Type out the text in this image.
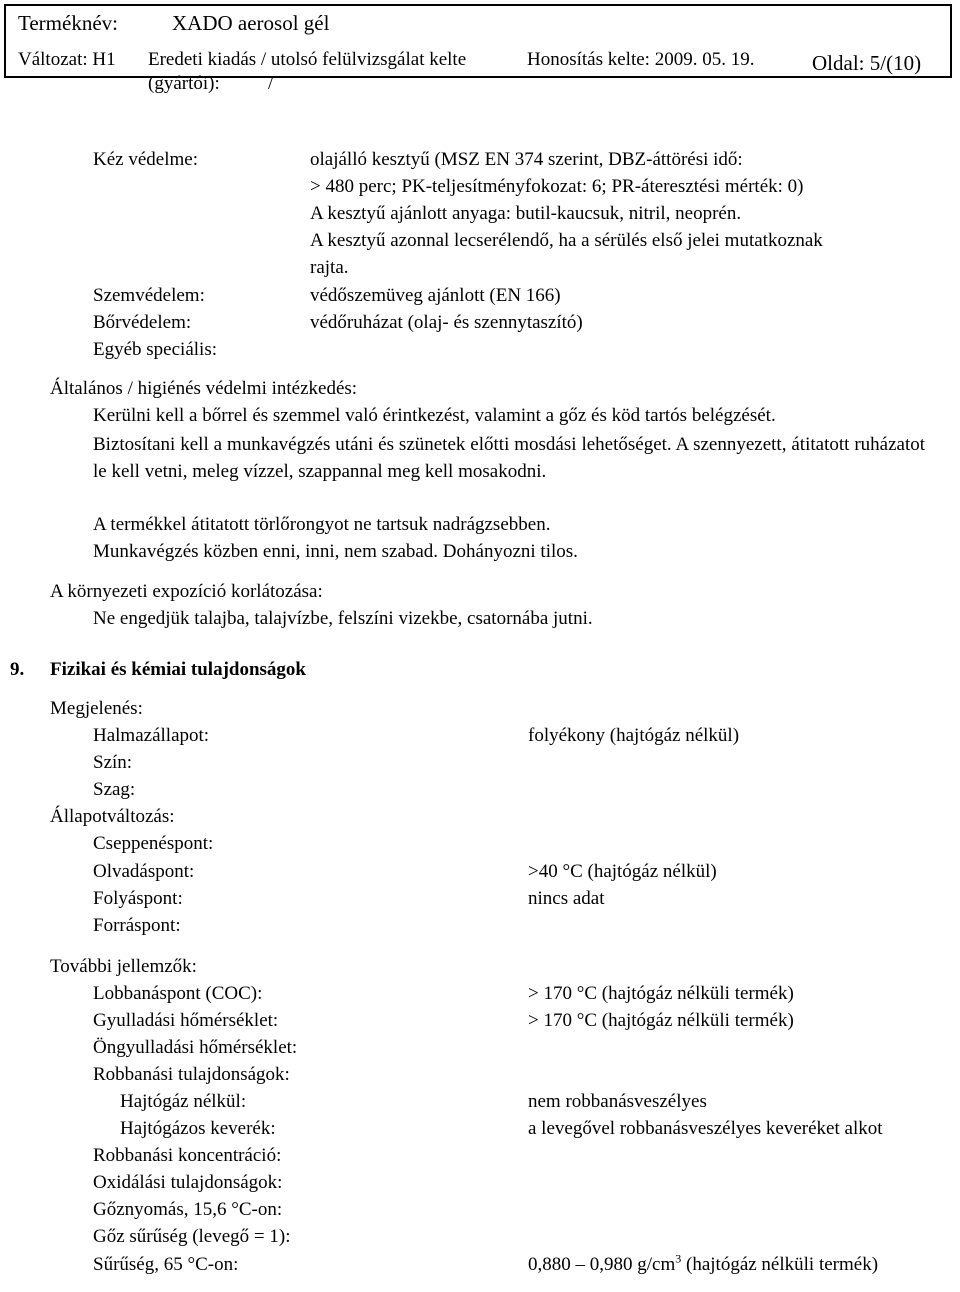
Terméknév:	XADO aerosol gél
Változat: H1 Eredeti kiadás / utolsó felülvizsgálat kelte
(gyártói):	/
Honosítás kelte: 2009. 05. 19.	Oldal: 5/(10)
Kéz védelme:	olajálló kesztyű (MSZ EN 374 szerint, DBZ-áttörési idő:
> 480 perc; PK-teljesítményfokozat: 6; PR-áteresztési mérték: 0)
A kesztyű ajánlott anyaga: butil-kaucsuk, nitril, neoprén.
A kesztyű azonnal lecserélendő, ha a sérülés első jelei mutatkoznak
rajta.
Szemvédelem:	védőszemüveg ajánlott (EN 166)
Bőrvédelem:	védőruházat (olaj- és szennytaszító)
Egyéb speciális:
Általános / higiénés védelmi intézkedés:
Kerülni kell a bőrrel és szemmel való érintkezést, valamint a gőz és köd tartós belégzését.
Biztosítani kell a munkavégzés utáni és szünetek előtti mosdási lehetőséget. A szennyezett, átitatott ruházatot le kell vetni, meleg vízzel, szappannal meg kell mosakodni.
A termékkel átitatott törlőrongyot ne tartsuk nadrágzsebben.
Munkavégzés közben enni, inni, nem szabad. Dohányozni tilos.
A környezeti expozíció korlátozása:
Ne engedjük talajba, talajvízbe, felszíni vizekbe, csatornába jutni.
9. Fizikai és kémiai tulajdonságok
Megjelenés:
Halmazállapot:	folyékony (hajtógáz nélkül)
Szín:
Szag:
Állapotváltozás:
Cseppenéspont:
Olvadáspont:	>40 °C (hajtógáz nélkül)
Folyáspont:	nincs adat
Forráspont:
További jellemzők:
Lobbanáspont (COC):	> 170 °C (hajtógáz nélküli termék)
Gyulladási hőmérséklet:	> 170 °C (hajtógáz nélküli termék)
Öngyulladási hőmérséklet:
Robbanási tulajdonságok:
Hajtógáz nélkül:	nem robbanásveszélyes
Hajtógázos keverék:	a levegővel robbanásveszélyes keveréket alkot
Robbanási koncentráció:
Oxidálási tulajdonságok:
Gőznyomás, 15,6 °C-on:
Gőz sűrűség (levegő = 1):
Sűrűség, 65 °C-on:	0,880 – 0,980 $g/cm^3$ (hajtógáz nélküli termék)
